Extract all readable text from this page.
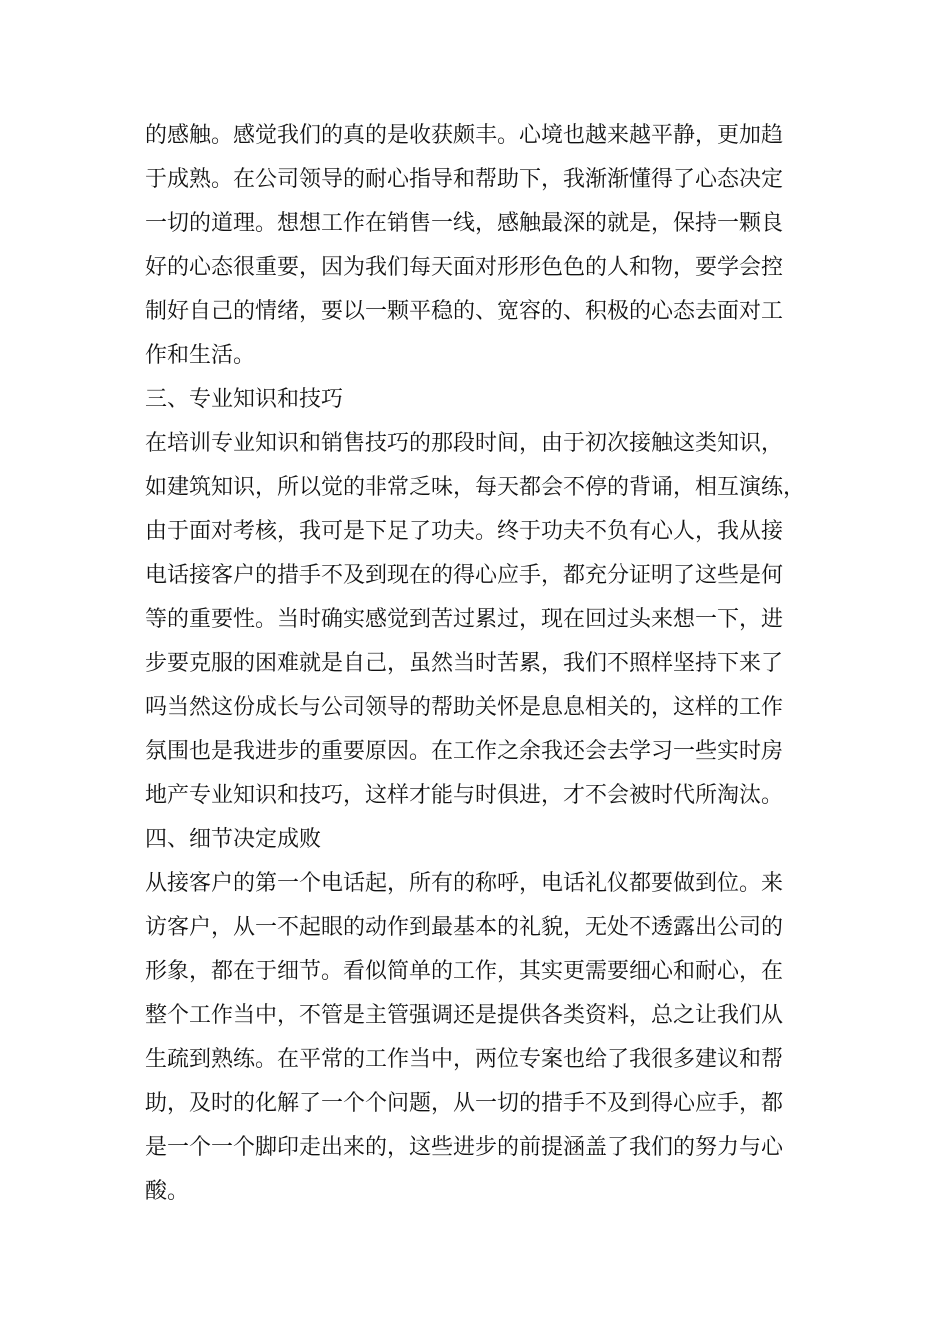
的感触。感觉我们的真的是收获颇丰。心境也越来越平静，更加趋
于成熟。在公司领导的耐心指导和帮助下，我渐渐懂得了心态决定
一切的道理。想想工作在销售一线，感触最深的就是，保持一颗良
好的心态很重要，因为我们每天面对形形色色的人和物，要学会控
制好自己的情绪，要以一颗平稳的、宽容的、积极的心态去面对工
作和生活。
三、专业知识和技巧
在培训专业知识和销售技巧的那段时间，由于初次接触这类知识，
如建筑知识，所以觉的非常乏味，每天都会不停的背诵，相互演练，
由于面对考核，我可是下足了功夫。终于功夫不负有心人，我从接
电话接客户的措手不及到现在的得心应手，都充分证明了这些是何
等的重要性。当时确实感觉到苦过累过，现在回过头来想一下，进
步要克服的困难就是自己，虽然当时苦累，我们不照样坚持下来了
吗当然这份成长与公司领导的帮助关怀是息息相关的，这样的工作
氛围也是我进步的重要原因。在工作之余我还会去学习一些实时房
地产专业知识和技巧，这样才能与时俱进，才不会被时代所淘汰。
四、细节决定成败
从接客户的第一个电话起，所有的称呼，电话礼仪都要做到位。来
访客户，从一不起眼的动作到最基本的礼貌，无处不透露出公司的
形象，都在于细节。看似简单的工作，其实更需要细心和耐心，在
整个工作当中，不管是主管强调还是提供各类资料，总之让我们从
生疏到熟练。在平常的工作当中，两位专案也给了我很多建议和帮
助，及时的化解了一个个问题，从一切的措手不及到得心应手，都
是一个一个脚印走出来的，这些进步的前提涵盖了我们的努力与心
酸。
